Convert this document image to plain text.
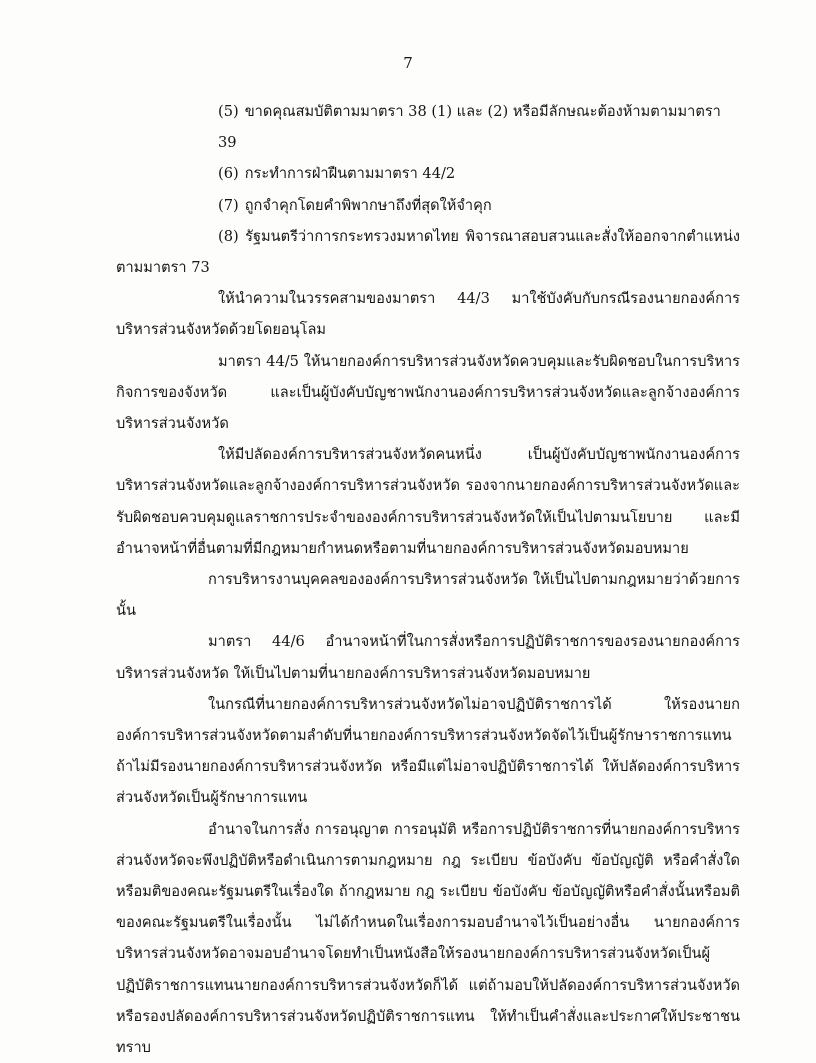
7

(5) ขาดคุณสมบัติตามมาตรา 38 (1) และ (2) หรือมีลักษณะต้องห้ามตามมาตรา 39

(6) กระทำการฝ่าฝืนตามมาตรา 44/2

(7) ถูกจำคุกโดยคำพิพากษาถึงที่สุดให้จำคุก

(8) รัฐมนตรีว่าการกระทรวงมหาดไทย พิจารณาสอบสวนและสั่งให้ออกจากตำแหน่ง ตามมาตรา 73

ให้นำความในวรรคสามของมาตรา 44/3 มาใช้บังคับกับกรณีรองนายกองค์การบริหารส่วนจังหวัดด้วยโดยอนุโลม

มาตรา 44/5 ให้นายกองค์การบริหารส่วนจังหวัดควบคุมและรับผิดชอบในการบริหารกิจการของจังหวัด และเป็นผู้บังคับบัญชาพนักงานองค์การบริหารส่วนจังหวัดและลูกจ้างองค์การบริหารส่วนจังหวัด

ให้มีปลัดองค์การบริหารส่วนจังหวัดคนหนึ่ง เป็นผู้บังคับบัญชาพนักงานองค์การบริหารส่วนจังหวัดและลูกจ้างองค์การบริหารส่วนจังหวัด รองจากนายกองค์การบริหารส่วนจังหวัดและรับผิดชอบควบคุมดูแลราชการประจำขององค์การบริหารส่วนจังหวัดให้เป็นไปตามนโยบาย และมีอำนาจหน้าที่อื่นตามที่มีกฎหมายกำหนดหรือตามที่นายกองค์การบริหารส่วนจังหวัดมอบหมาย

การบริหารงานบุคคลขององค์การบริหารส่วนจังหวัด ให้เป็นไปตามกฎหมายว่าด้วยการนั้น

มาตรา 44/6 อำนาจหน้าที่ในการสั่งหรือการปฏิบัติราชการของรองนายกองค์การบริหารส่วนจังหวัด ให้เป็นไปตามที่นายกองค์การบริหารส่วนจังหวัดมอบหมาย

ในกรณีที่นายกองค์การบริหารส่วนจังหวัดไม่อาจปฏิบัติราชการได้ ให้รองนายกองค์การบริหารส่วนจังหวัดตามลำดับที่นายกองค์การบริหารส่วนจังหวัดจัดไว้เป็นผู้รักษาราชการแทน ถ้าไม่มีรองนายกองค์การบริหารส่วนจังหวัด หรือมีแต่ไม่อาจปฏิบัติราชการได้ ให้ปลัดองค์การบริหารส่วนจังหวัดเป็นผู้รักษาการแทน

อำนาจในการสั่ง การอนุญาต การอนุมัติ หรือการปฏิบัติราชการที่นายกองค์การบริหารส่วนจังหวัดจะพึงปฏิบัติหรือดำเนินการตามกฎหมาย กฎ ระเบียบ ข้อบังคับ ข้อบัญญัติ หรือคำสั่งใด หรือมติของคณะรัฐมนตรีในเรื่องใด ถ้ากฎหมาย กฎ ระเบียบ ข้อบังคับ ข้อบัญญัติหรือคำสั่งนั้นหรือมติของคณะรัฐมนตรีในเรื่องนั้น ไม่ได้กำหนดในเรื่องการมอบอำนาจไว้เป็นอย่างอื่น นายกองค์การบริหารส่วนจังหวัดอาจมอบอำนาจโดยทำเป็นหนังสือให้รองนายกองค์การบริหารส่วนจังหวัดเป็นผู้ปฏิบัติราชการแทนนายกองค์การบริหารส่วนจังหวัดก็ได้ แต่ถ้ามอบให้ปลัดองค์การบริหารส่วนจังหวัดหรือรองปลัดองค์การบริหารส่วนจังหวัดปฏิบัติราชการแทน ให้ทำเป็นคำสั่งและประกาศให้ประชาชนทราบ
